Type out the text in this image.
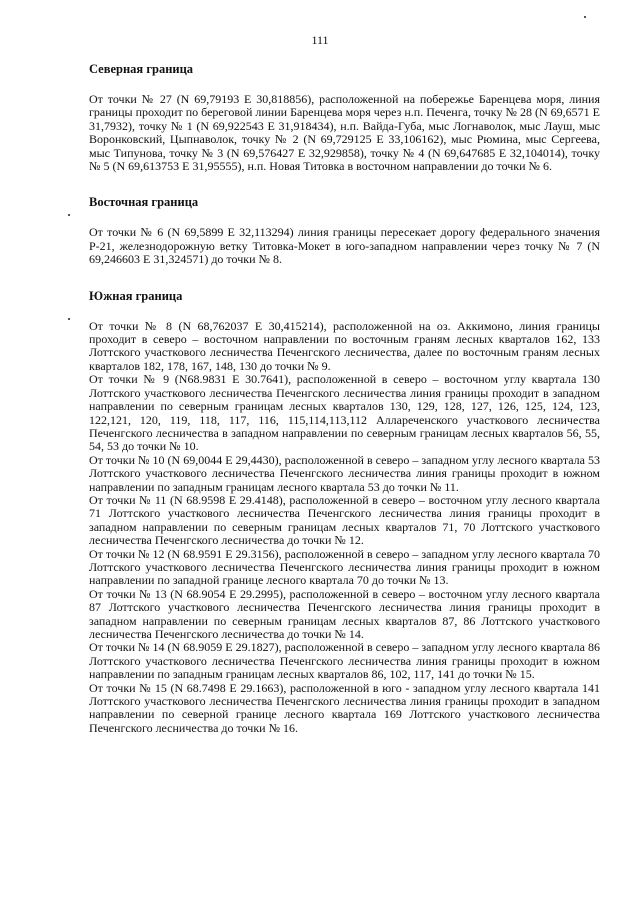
111
Северная граница

От точки № 27 (N 69,79193 E 30,818856), расположенной на побережье Баренцева моря, линия границы проходит по береговой линии Баренцева моря через н.п. Печенга, точку № 28 (N 69,6571 E 31,7932), точку № 1 (N 69,922543 E 31,918434), н.п. Вайда-Губа, мыс Логнаволок, мыс Лауш, мыс Воронковский, Цыпнаволок, точку № 2 (N 69,729125 E 33,106162), мыс Рюмина, мыс Сергеева, мыс Типунова, точку № 3 (N 69,576427 E 32,929858), точку № 4 (N 69,647685 E 32,104014), точку № 5 (N 69,613753 E 31,95555), н.п. Новая Титовка в восточном направлении до точки № 6.

Восточная граница

От точки № 6 (N 69,5899 E 32,113294) линия границы пересекает дорогу федерального значения Р-21, железнодорожную ветку Титовка-Мокет в юго-западном направлении через точку № 7 (N 69,246603 E 31,324571) до точки № 8.

Южная граница

От точки № 8 (N 68,762037 E 30,415214), расположенной на оз. Аккимоно, линия границы проходит в северо – восточном направлении по восточным граням лесных кварталов 162, 133 Лоттского участкового лесничества Печенгского лесничества, далее по восточным граням лесных кварталов 182, 178, 167, 148, 130 до точки № 9.

От точки № 9 (N68.9831 E 30.7641), расположенной в северо – восточном углу квартала 130 Лоттского участкового лесничества Печенгского лесничества линия границы проходит в западном направлении по северным границам лесных кварталов 130, 129, 128, 127, 126, 125, 124, 123, 122,121, 120, 119, 118, 117, 116, 115,114,113,112 Аллареченского участкового лесничества Печенгского лесничества в западном направлении по северным границам лесных кварталов 56, 55, 54, 53 до точки № 10.

От точки № 10 (N 69,0044 E 29,4430), расположенной в северо – западном углу лесного квартала 53 Лоттского участкового лесничества Печенгского лесничества линия границы проходит в южном направлении по западным границам лесного квартала 53 до точки № 11.

От точки № 11 (N 68.9598 E 29.4148), расположенной в северо – восточном углу лесного квартала 71 Лоттского участкового лесничества Печенгского лесничества линия границы проходит в западном направлении по северным границам лесных кварталов 71, 70 Лоттского участкового лесничества Печенгского лесничества до точки № 12.

От точки № 12 (N 68.9591 E 29.3156), расположенной в северо – западном углу лесного квартала 70 Лоттского участкового лесничества Печенгского лесничества линия границы проходит в южном направлении по западной границе лесного квартала 70 до точки № 13.

От точки № 13 (N 68.9054 E 29.2995), расположенной в северо – восточном углу лесного квартала 87 Лоттского участкового лесничества Печенгского лесничества линия границы проходит в западном направлении по северным границам лесных кварталов 87, 86 Лоттского участкового лесничества Печенгского лесничества до точки № 14.

От точки № 14 (N 68.9059 E 29.1827), расположенной в северо – западном углу лесного квартала 86 Лоттского участкового лесничества Печенгского лесничества линия границы проходит в южном направлении по западным границам лесных кварталов 86, 102, 117, 141 до точки № 15.

От точки № 15 (N 68.7498 E 29.1663), расположенной в юго - западном углу лесного квартала 141 Лоттского участкового лесничества Печенгского лесничества линия границы проходит в западном направлении по северной границе лесного квартала 169 Лоттского участкового лесничества Печенгского лесничества до точки № 16.
